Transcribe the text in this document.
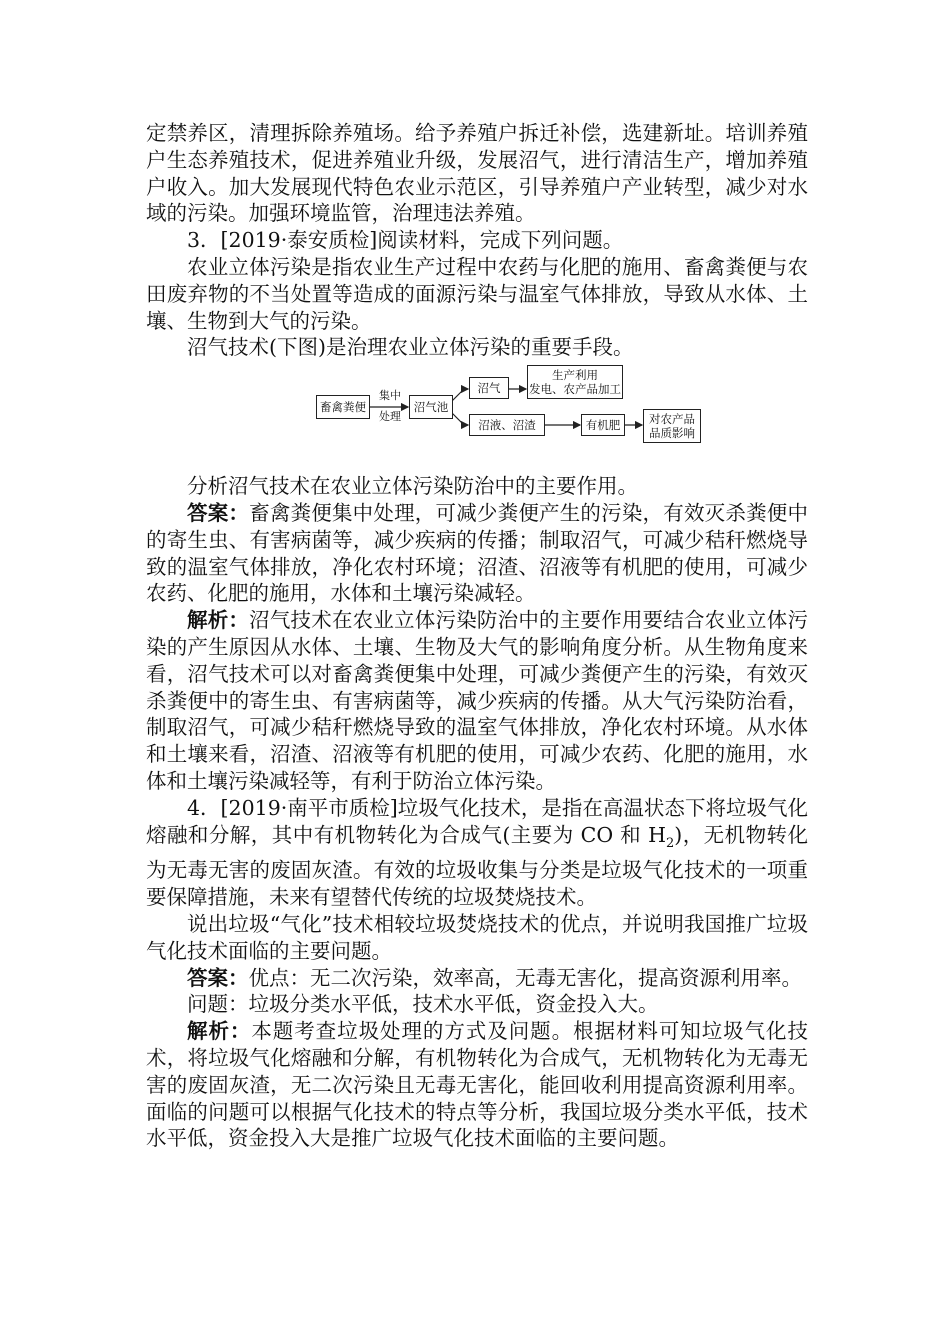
定禁养区，清理拆除养殖场。给予养殖户拆迁补偿，选建新址。培训养殖户生态养殖技术，促进养殖业升级，发展沼气，进行清洁生产，增加养殖户收入。加大发展现代特色农业示范区，引导养殖户产业转型，减少对水域的污染。加强环境监管，治理违法养殖。

3．[2019·泰安质检]阅读材料，完成下列问题。

农业立体污染是指农业生产过程中农药与化肥的施用、畜禽粪便与农田废弃物的不当处置等造成的面源污染与温室气体排放，导致从水体、土壤、生物到大气的污染。

沼气技术(下图)是治理农业立体污染的重要手段。

畜禽粪便
集中
处理
沼气池
沼气
生产利用
发电、农产品加工
沼液、沼渣	有机肥	对农产品
品质影响

分析沼气技术在农业立体污染防治中的主要作用。

答案：畜禽粪便集中处理，可减少粪便产生的污染，有效灭杀粪便中的寄生虫、有害病菌等，减少疾病的传播；制取沼气，可减少秸秆燃烧导致的温室气体排放，净化农村环境；沼渣、沼液等有机肥的使用，可减少农药、化肥的施用，水体和土壤污染减轻。

解析：沼气技术在农业立体污染防治中的主要作用要结合农业立体污染的产生原因从水体、土壤、生物及大气的影响角度分析。从生物角度来看，沼气技术可以对畜禽粪便集中处理，可减少粪便产生的污染，有效灭杀粪便中的寄生虫、有害病菌等，减少疾病的传播。从大气污染防治看，制取沼气，可减少秸秆燃烧导致的温室气体排放，净化农村环境。从水体和土壤来看，沼渣、沼液等有机肥的使用，可减少农药、化肥的施用，水体和土壤污染减轻等，有利于防治立体污染。

4．[2019·南平市质检]垃圾气化技术，是指在高温状态下将垃圾气化熔融和分解，其中有机物转化为合成气(主要为 CO 和 $H_2$)，无机物转化为无毒无害的废固灰渣。有效的垃圾收集与分类是垃圾气化技术的一项重要保障措施，未来有望替代传统的垃圾焚烧技术。

说出垃圾“气化”技术相较垃圾焚烧技术的优点，并说明我国推广垃圾气化技术面临的主要问题。

答案：优点：无二次污染，效率高，无毒无害化，提高资源利用率。

问题：垃圾分类水平低，技术水平低，资金投入大。

解析：本题考查垃圾处理的方式及问题。根据材料可知垃圾气化技术，将垃圾气化熔融和分解，有机物转化为合成气，无机物转化为无毒无害的废固灰渣，无二次污染且无毒无害化，能回收利用提高资源利用率。面临的问题可以根据气化技术的特点等分析，我国垃圾分类水平低，技术水平低，资金投入大是推广垃圾气化技术面临的主要问题。
